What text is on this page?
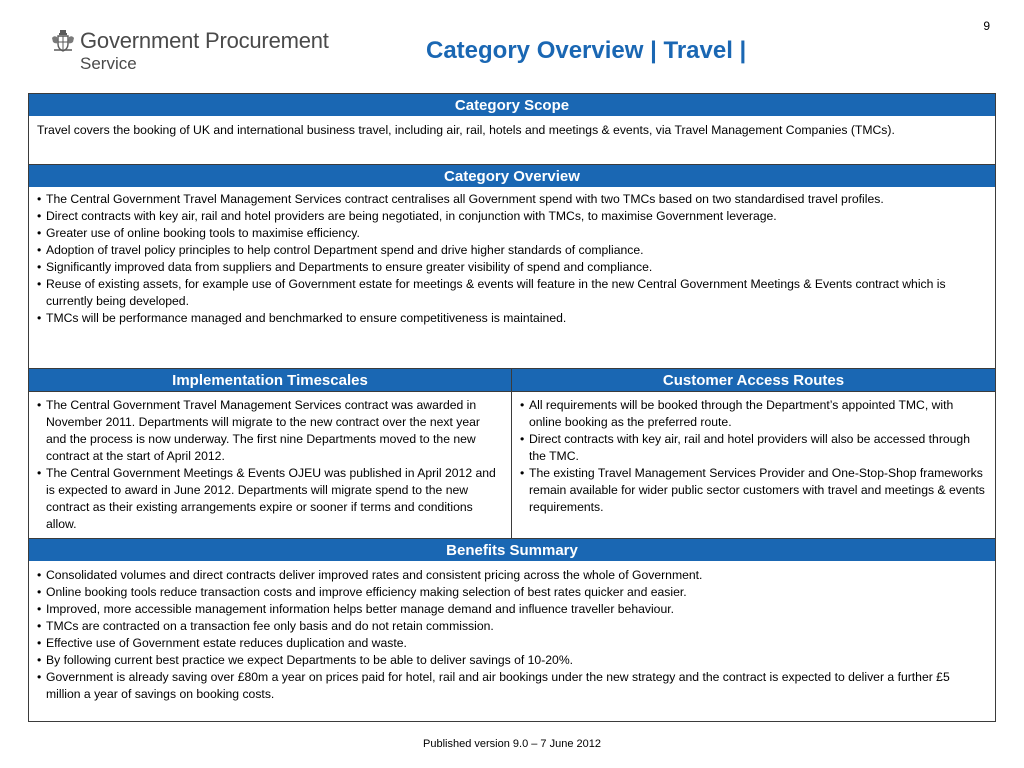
9
Government Procurement
Service	Category Overview | Travel |
Category Scope
Travel covers the booking of UK and international business travel, including air, rail, hotels and meetings & events, via Travel Management Companies (TMCs).
Category Overview
• The Central Government Travel Management Services contract centralises all Government spend with two TMCs based on two standardised travel profiles.
• Direct contracts with key air, rail and hotel providers are being negotiated, in conjunction with TMCs, to maximise Government leverage.
• Greater use of online booking tools to maximise efficiency.
• Adoption of travel policy principles to help control Department spend and drive higher standards of compliance.
• Significantly improved data from suppliers and Departments to ensure greater visibility of spend and compliance.
• Reuse of existing assets, for example use of Government estate for meetings & events will feature in the new Central Government Meetings & Events contract which is currently being developed.
• TMCs will be performance managed and benchmarked to ensure competitiveness is maintained.
Implementation Timescales
• The Central Government Travel Management Services contract was awarded in November 2011. Departments will migrate to the new contract over the next year and the process is now underway. The first nine Departments moved to the new contract at the start of April 2012.
• The Central Government Meetings & Events OJEU was published in April 2012 and is expected to award in June 2012. Departments will migrate spend to the new contract as their existing arrangements expire or sooner if terms and conditions allow.
Customer Access Routes
• All requirements will be booked through the Department’s appointed TMC, with online booking as the preferred route.
• Direct contracts with key air, rail and hotel providers will also be accessed through the TMC.
• The existing Travel Management Services Provider and One-Stop-Shop frameworks remain available for wider public sector customers with travel and meetings & events requirements.
Benefits Summary
• Consolidated volumes and direct contracts deliver improved rates and consistent pricing across the whole of Government.
• Online booking tools reduce transaction costs and improve efficiency making selection of best rates quicker and easier.
• Improved, more accessible management information helps better manage demand and influence traveller behaviour.
• TMCs are contracted on a transaction fee only basis and do not retain commission.
• Effective use of Government estate reduces duplication and waste.
• By following current best practice we expect Departments to be able to deliver savings of 10-20%.
• Government is already saving over £80m a year on prices paid for hotel, rail and air bookings under the new strategy and the contract is expected to deliver a further £5 million a year of savings on booking costs.
Published version 9.0 – 7 June 2012
